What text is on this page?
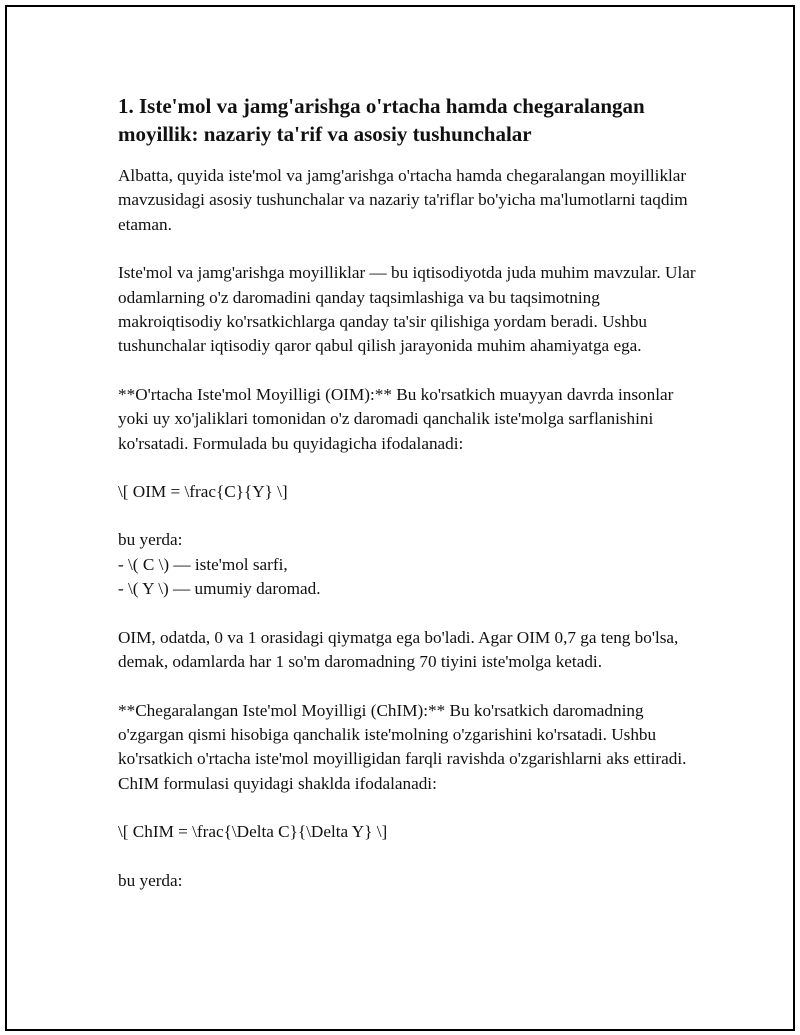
1. Iste'mol va jamg'arishga o'rtacha hamda chegaralangan moyillik: nazariy ta'rif va asosiy tushunchalar

Albatta, quyida iste'mol va jamg'arishga o'rtacha hamda chegaralangan moyilliklar mavzusidagi asosiy tushunchalar va nazariy ta'riflar bo'yicha ma'lumotlarni taqdim etaman.

Iste'mol va jamg'arishga moyilliklar — bu iqtisodiyotda juda muhim mavzular. Ular odamlarning o'z daromadini qanday taqsimlashiga va bu taqsimotning makroiqtisodiy ko'rsatkichlarga qanday ta'sir qilishiga yordam beradi. Ushbu tushunchalar iqtisodiy qaror qabul qilish jarayonida muhim ahamiyatga ega.

**O'rtacha Iste'mol Moyilligi (OIM):** Bu ko'rsatkich muayyan davrda insonlar yoki uy xo'jaliklari tomonidan o'z daromadi qanchalik iste'molga sarflanishini ko'rsatadi. Formulada bu quyidagicha ifodalanadi:

\[ OIM = \frac{C}{Y} \]

bu yerda:
- \( C \) — iste'mol sarfi,
- \( Y \) — umumiy daromad.

OIM, odatda, 0 va 1 orasidagi qiymatga ega bo'ladi. Agar OIM 0,7 ga teng bo'lsa, demak, odamlarda har 1 so'm daromadning 70 tiyini iste'molga ketadi.

**Chegaralangan Iste'mol Moyilligi (ChIM):** Bu ko'rsatkich daromadning o'zgargan qismi hisobiga qanchalik iste'molning o'zgarishini ko'rsatadi. Ushbu ko'rsatkich o'rtacha iste'mol moyilligidan farqli ravishda o'zgarishlarni aks ettiradi. ChIM formulasi quyidagi shaklda ifodalanadi:

\[ ChIM = \frac{\Delta C}{\Delta Y} \]

bu yerda:
